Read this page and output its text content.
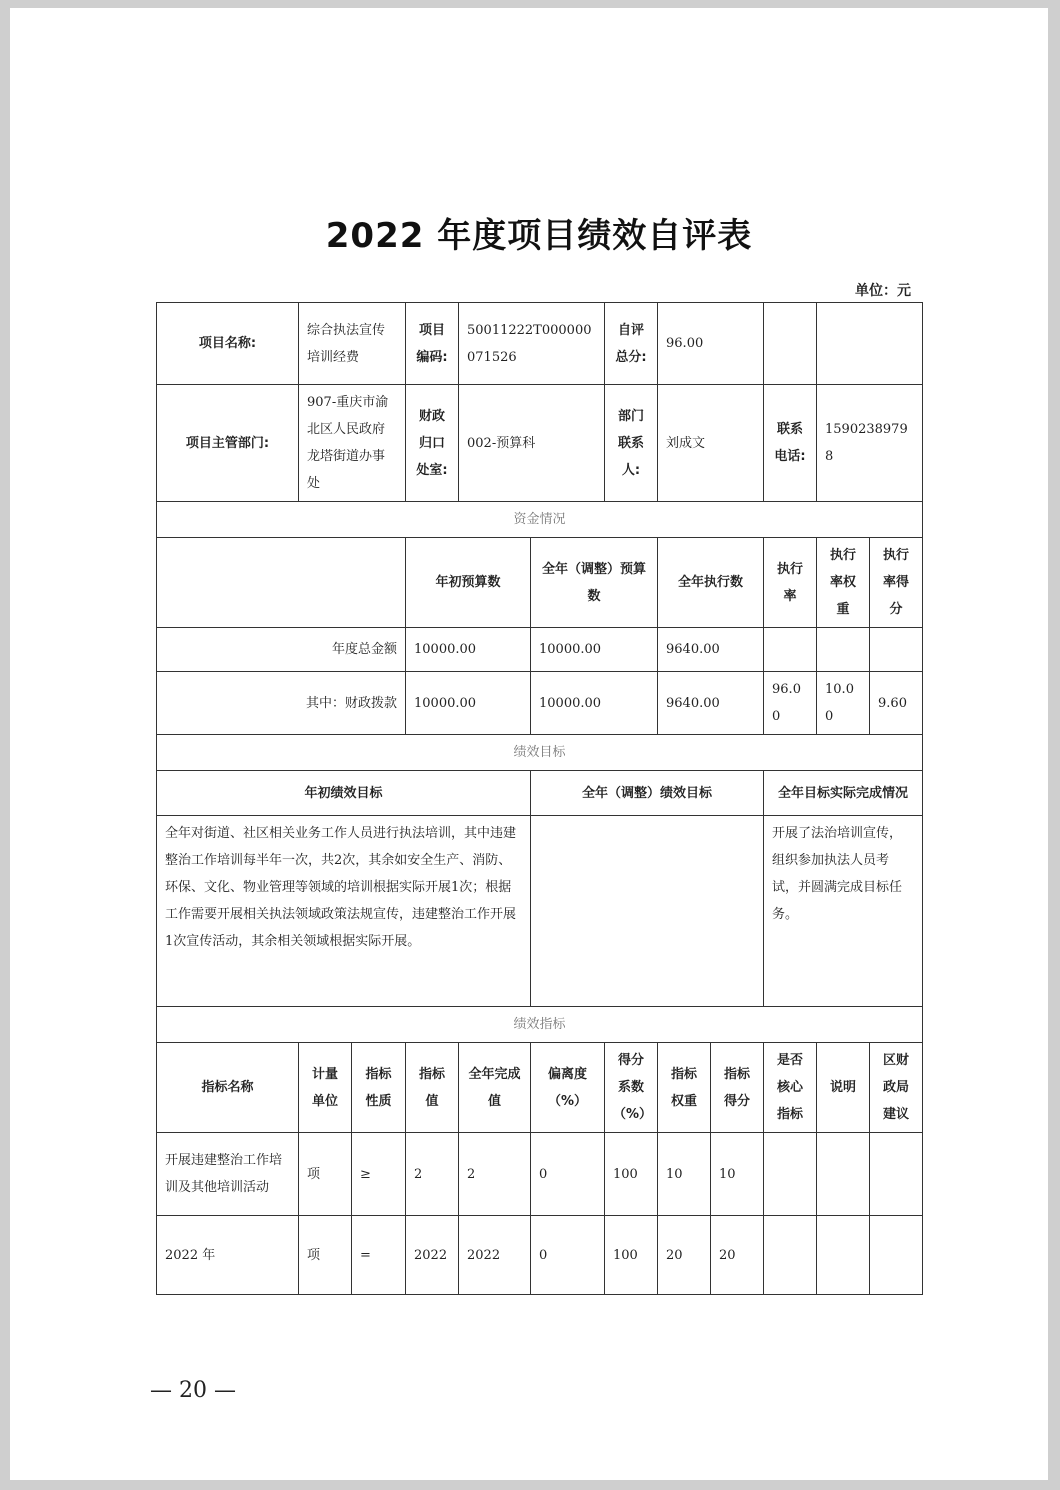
2022 年度项目绩效自评表
单位：元
项目名称:	综合执法宣传培训经费		项目编码:	50011222T000000071526		自评总分:	96.00				
项目主管部门:	907-重庆市渝北区人民政府龙塔街道办事处		财政归口处室:	002-预算科		部门联系人:	刘成文		联系电话:	15902389798	
资金情况											
			年初预算数		全年（调整）预算数		全年执行数		执行率	执行率权重	执行率得分
年度总金额			10000.00		10000.00		9640.00				
其中：财政拨款			10000.00		10000.00		9640.00		96.00	10.00	9.60
绩效目标											
年初绩效目标					全年（调整）绩效目标				全年目标实际完成情况		
全年对街道、社区相关业务工作人员进行执法培训，其中违建整治工作培训每半年一次，共2次，其余如安全生产、消防、环保、文化、物业管理等领域的培训根据实际开展1次；根据工作需要开展相关执法领域政策法规宣传，违建整治工作开展1次宣传活动，其余相关领域根据实际开展。									开展了法治培训宣传，组织参加执法人员考试，并圆满完成目标任务。		
绩效指标											
指标名称	计量单位	指标性质	指标值	全年完成值	偏离度（%）	得分系数（%）	指标权重	指标得分	是否核心指标	说明	区财政局建议
开展违建整治工作培训及其他培训活动	项	≥	2	2	0	100	10	10			
2022 年	项	=	2022	2022	0	100	20	20			
— 20 —
